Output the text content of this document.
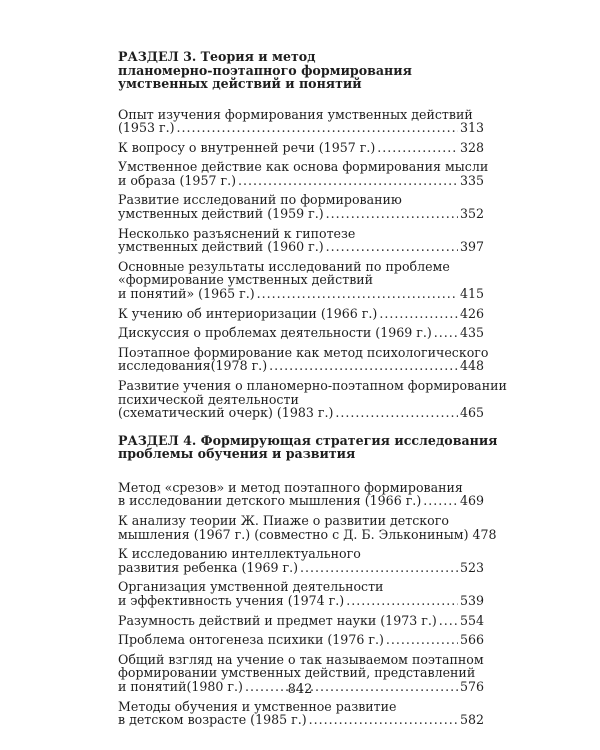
РАЗДЕЛ 3. Теория и метод
планомерно-поэтапного формирования
умственных действий и понятий
Опыт изучения формирования умственных действий
(1953 г.) .....	313
К вопросу о внутренней речи (1957 г.) .....	328
Умственное действие как основа формирования мысли
и образа (1957 г.) .....	335
Развитие исследований по формированию
умственных действий (1959 г.) .....	352
Несколько разъяснений к гипотезе
умственных действий (1960 г.) .....	397
Основные результаты исследований по проблеме
«формирование умственных действий
и понятий» (1965 г.) .....	415
К учению об интериоризации (1966 г.) .....	426
Дискуссия о проблемах деятельности (1969 г.) ..... 435
Поэтапное формирование как метод психологического
исследования(1978 г.) .....	448
Развитие учения о планомерно-поэтапном формировании
психической деятельности
(схематический очерк) (1983 г.) .....	465
РАЗДЕЛ 4. Формирующая стратегия исследования
проблемы обучения и развития
Метод «срезов» и метод поэтапного формирования
в исследовании детского мышления (1966 г.) .....	469
К анализу теории Ж. Пиаже о развитии детского
мышления (1967 г.) (совместно с Д. Б. Элькониным) 478
К исследованию интеллектуального
развития ребенка (1969 г.) .....	523
Организация умственной деятельности
и эффективность учения (1974 г.) .....	539
Разумность действий и предмет науки (1973 г.) ..... 554
Проблема онтогенеза психики (1976 г.) .....	566
Общий взгляд на учение о так называемом поэтапном
формировании умственных действий, представлений
и понятий(1980 г.) .....	576
Методы обучения и умственное развитие
в детском возрасте (1985 г.) .....	582
842
